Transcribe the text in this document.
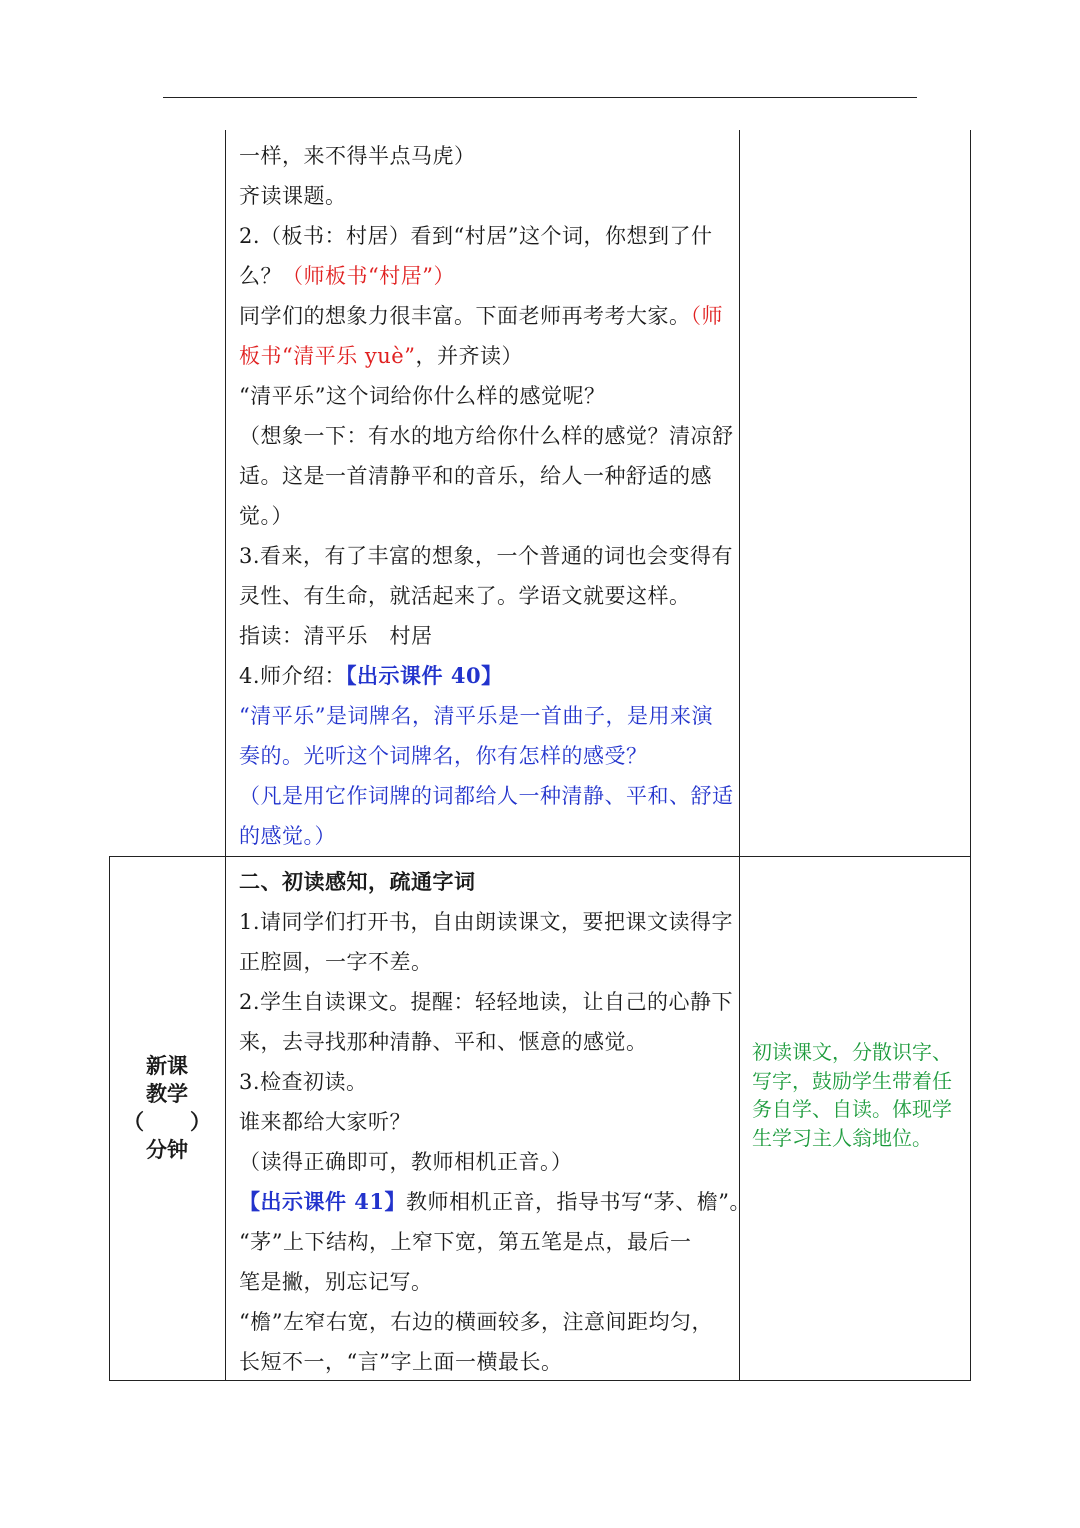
一样，来不得半点马虎）

齐读课题。

2.（板书：村居）看到“村居”这个词，你想到了什

么？（师板书“村居”）

同学们的想象力很丰富。下面老师再考考大家。（师

板书“清平乐 yuè”，并齐读）

“清平乐”这个词给你什么样的感觉呢？

（想象一下：有水的地方给你什么样的感觉？清凉舒

适。这是一首清静平和的音乐，给人一种舒适的感

觉。）

3.看来，有了丰富的想象，一个普通的词也会变得有

灵性、有生命，就活起来了。学语文就要这样。

指读：清平乐　村居

4.师介绍：【出示课件 40】

“清平乐”是词牌名，清平乐是一首曲子，是用来演

奏的。光听这个词牌名，你有怎样的感受？

（凡是用它作词牌的词都给人一种清静、平和、舒适

的感觉。）

新课
教学
（ ）
分钟

二、初读感知，疏通字词

1.请同学们打开书，自由朗读课文，要把课文读得字

正腔圆，一字不差。

2.学生自读课文。提醒：轻轻地读，让自己的心静下

来，去寻找那种清静、平和、惬意的感觉。

3.检查初读。

谁来都给大家听？

（读得正确即可，教师相机正音。）

【出示课件 41】教师相机正音，指导书写“茅、檐”。

“茅”上下结构，上窄下宽，第五笔是点，最后一

笔是撇，别忘记写。

“檐”左窄右宽，右边的横画较多，注意间距均匀，

长短不一，“言”字上面一横最长。

初读课文，分散识字、写字，鼓励学生带着任务自学、自读。体现学生学习主人翁地位。
